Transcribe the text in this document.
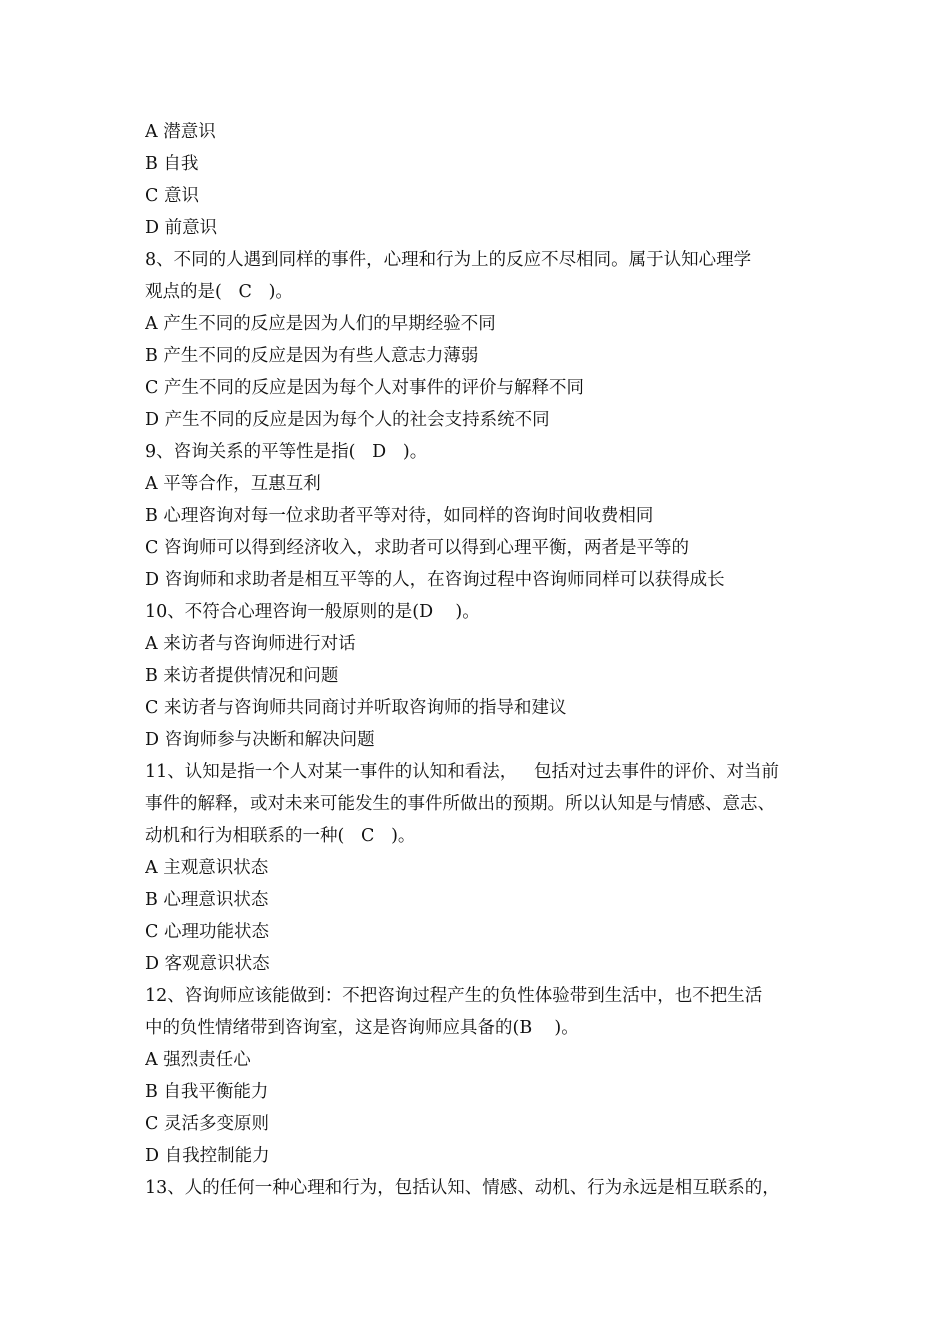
A 潜意识
B 自我
C 意识
D 前意识
8、不同的人遇到同样的事件，心理和行为上的反应不尽相同。属于认知心理学
观点的是(   C   )。
A 产生不同的反应是因为人们的早期经验不同
B 产生不同的反应是因为有些人意志力薄弱
C 产生不同的反应是因为每个人对事件的评价与解释不同
D 产生不同的反应是因为每个人的社会支持系统不同
9、咨询关系的平等性是指(   D   )。
A 平等合作，互惠互利
B 心理咨询对每一位求助者平等对待，如同样的咨询时间收费相同
C 咨询师可以得到经济收入，求助者可以得到心理平衡，两者是平等的
D 咨询师和求助者是相互平等的人，在咨询过程中咨询师同样可以获得成长
10、不符合心理咨询一般原则的是(D    )。
A 来访者与咨询师进行对话
B 来访者提供情况和问题
C 来访者与咨询师共同商讨并听取咨询师的指导和建议
D 咨询师参与决断和解决问题
11、认知是指一个人对某一事件的认知和看法，   包括对过去事件的评价、对当前
事件的解释，或对未来可能发生的事件所做出的预期。所以认知是与情感、意志、
动机和行为相联系的一种(   C   )。
A 主观意识状态
B 心理意识状态
C 心理功能状态
D 客观意识状态
12、咨询师应该能做到：不把咨询过程产生的负性体验带到生活中，也不把生活
中的负性情绪带到咨询室，这是咨询师应具备的(B    )。
A 强烈责任心
B 自我平衡能力
C 灵活多变原则
D 自我控制能力
13、人的任何一种心理和行为，包括认知、情感、动机、行为永远是相互联系的，
